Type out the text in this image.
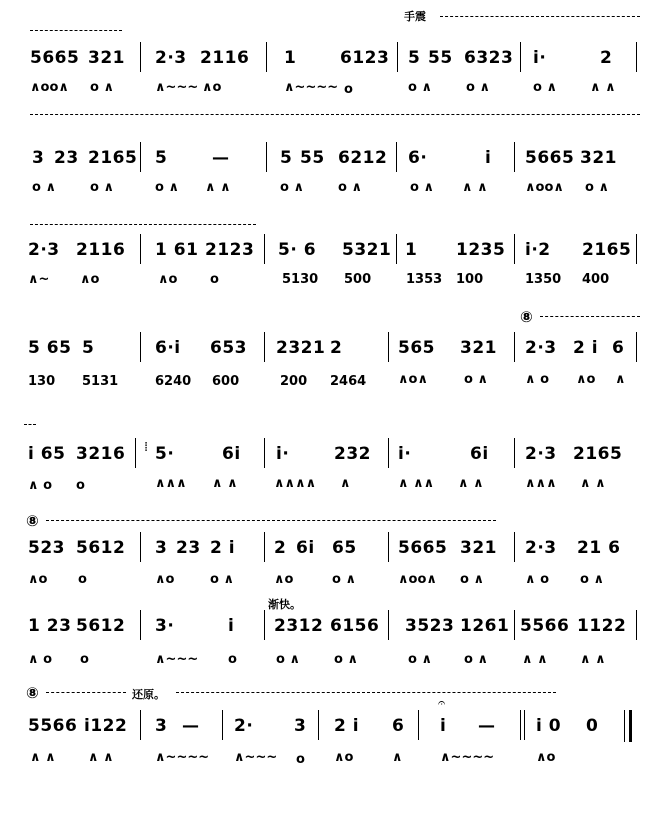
手震
5665 321 2·3 2116 1	6123 5 55 6323 i·	2
∧oo∧ o ∧	∧~~~ ∧o	∧~~~~ o	o ∧	o ∧	o ∧	∧ ∧
3 23 2165 5	—	5 55 6212 6·	i 5665 321
o ∧	o ∧	o ∧ ∧ ∧	o ∧	o ∧	o ∧ ∧ ∧	∧oo∧ o ∧
2·3 2116 1 61 2123 5· 6 5321 1 1235 i·2 2165
∧~ ∧o	∧o	o	5130 500	1353 100	1350 400
⑧
5 65 5	6·i 653 2321 2	565 321 2·3 2 i 6
130 5131	6240 600	200 2464 ∧o∧	o ∧	∧ o ∧o ∧
i 65 3216 ⁞ 5·	6i i·	232 i·	6i 2·3 2165
∧ o o	∧∧∧ ∧ ∧	∧∧∧∧ ∧	∧ ∧∧ ∧ ∧	∧∧∧ ∧ ∧
⑧
523 5612 3 23 2 i 2 6i 65 5665 321 2·3 21 6
∧o o	∧o	o ∧	∧o	o ∧	∧oo∧ o ∧	∧ o o ∧
渐快。
1 23 5612 3·	i 2312 6156 3523 1261 5566 1122
∧ o o	∧~~~ o	o ∧	o ∧	o ∧ o ∧	∧ ∧ ∧ ∧
⑧	还原。
5566 i122 3 — 2· 3 2 i 6
𝄐
i — i 0 0
∧ ∧ ∧ ∧	∧~~~~ ∧~~~ o ∧o	∧	∧~~~~	∧o
